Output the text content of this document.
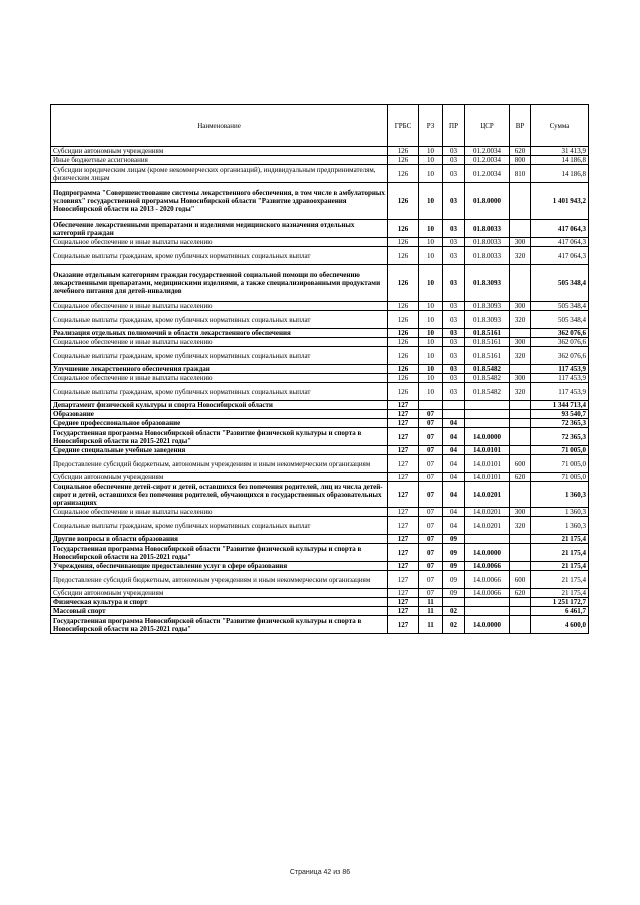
Наименование	ГРБС	РЗ	ПР	ЦСР	ВР	Сумма
Субсидии автономным учреждениям	126	10	03	01.2.0034	620	31 413,9
Иные бюджетные ассигнования	126	10	03	01.2.0034	800	14 186,8
Субсидии юридическим лицам (кроме некоммерческих организаций), индивидуальным предпринимателям, физическим лицам	126	10	03	01.2.0034	810	14 186,8
Подпрограмма "Совершенствование системы лекарственного обеспечения, в том числе в амбулаторных условиях" государственной программы Новосибирской области "Развитие здравоохранения Новосибирской области на 2013 - 2020 годы"	126	10	03	01.8.0000		1 401 943,2
Обеспечение лекарственными препаратами и изделиями медицинского назначения отдельных категорий граждан	126	10	03	01.8.0033		417 064,3
Социальное обеспечение и иные выплаты населению	126	10	03	01.8.0033	300	417 064,3
Социальные выплаты гражданам, кроме публичных нормативных социальных выплат	126	10	03	01.8.0033	320	417 064,3
Оказание отдельным категориям граждан государственной социальной помощи по обеспечению лекарственными препаратами, медицинскими изделиями, а также специализированными продуктами лечебного питания для детей-инвалидов	126	10	03	01.8.3093		505 348,4
Социальное обеспечение и иные выплаты населению	126	10	03	01.8.3093	300	505 348,4
Социальные выплаты гражданам, кроме публичных нормативных социальных выплат	126	10	03	01.8.3093	320	505 348,4
Реализация отдельных полномочий в области лекарственного обеспечения	126	10	03	01.8.5161		362 076,6
Социальное обеспечение и иные выплаты населению	126	10	03	01.8.5161	300	362 076,6
Социальные выплаты гражданам, кроме публичных нормативных социальных выплат	126	10	03	01.8.5161	320	362 076,6
Улучшение лекарственного обеспечения граждан	126	10	03	01.8.5482		117 453,9
Социальное обеспечение и иные выплаты населению	126	10	03	01.8.5482	300	117 453,9
Социальные выплаты гражданам, кроме публичных нормативных социальных выплат	126	10	03	01.8.5482	320	117 453,9
Департамент физической культуры и спорта Новосибирской области	127					1 344 713,4
Образование	127	07				93 540,7
Среднее профессиональное образование	127	07	04			72 365,3
Государственная программа Новосибирской области "Развитие физической культуры и спорта в Новосибирской области на 2015-2021 годы"	127	07	04	14.0.0000		72 365,3
Средние специальные учебные заведения	127	07	04	14.0.0101		71 005,0
Предоставление субсидий бюджетным, автономным учреждениям и иным некоммерческим организациям	127	07	04	14.0.0101	600	71 005,0
Субсидии автономным учреждениям	127	07	04	14.0.0101	620	71 005,0
Социальное обеспечение детей-сирот и детей, оставшихся без попечения родителей, лиц из числа детей-сирот и детей, оставшихся без попечения родителей, обучающихся в государственных образовательных организациях	127	07	04	14.0.0201		1 360,3
Социальное обеспечение и иные выплаты населению	127	07	04	14.0.0201	300	1 360,3
Социальные выплаты гражданам, кроме публичных нормативных социальных выплат	127	07	04	14.0.0201	320	1 360,3
Другие вопросы в области образования	127	07	09			21 175,4
Государственная программа Новосибирской области "Развитие физической культуры и спорта в Новосибирской области на 2015-2021 годы"	127	07	09	14.0.0000		21 175,4
Учреждения, обеспечивающие предоставление услуг в сфере образования	127	07	09	14.0.0066		21 175,4
Предоставление субсидий бюджетным, автономным учреждениям и иным некоммерческим организациям	127	07	09	14.0.0066	600	21 175,4
Субсидии автономным учреждениям	127	07	09	14.0.0066	620	21 175,4
Физическая культура и спорт	127	11				1 251 172,7
Массовый спорт	127	11	02			6 461,7
Государственная программа Новосибирской области "Развитие физической культуры и спорта в Новосибирской области на 2015-2021 годы"	127	11	02	14.0.0000		4 600,0
Страница 42 из 86
